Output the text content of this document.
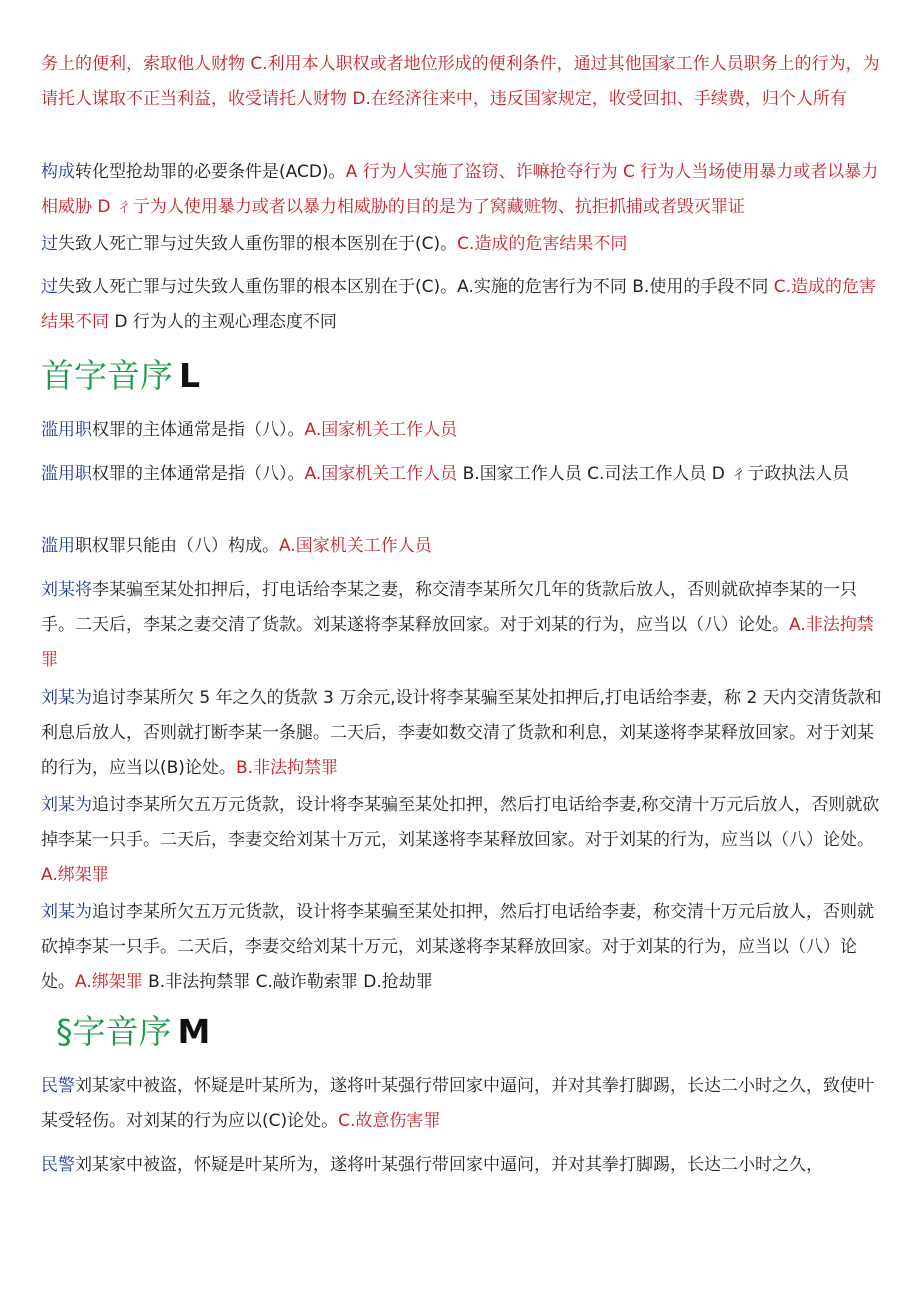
务上的便利，索取他人财物 C.利用本人职权或者地位形成的便利条件，通过其他国家工作人员职务上的行为，为请托人谋取不正当利益，收受请托人财物 D.在经济往来中，违反国家规定，收受回扣、手续费，归个人所有

构成转化型抢劫罪的必要条件是(ACD)。A 行为人实施了盗窃、诈嘛抢夺行为 C 行为人当场使用暴力或者以暴力相威胁 D ㄔ亍为人使用暴力或者以暴力相威胁的目的是为了窝藏赃物、抗拒抓捕或者毁灭罪证

过失致人死亡罪与过失致人重伤罪的根本医别在于(C)。C.造成的危害结果不同

过失致人死亡罪与过失致人重伤罪的根本区别在于(C)。A.实施的危害行为不同 B.使用的手段不同 C.造成的危害结果不同 D 行为人的主观心理态度不同

首字音序 L

滥用职权罪的主体通常是指（八）。A.国家机关工作人员

滥用职权罪的主体通常是指（八）。A.国家机关工作人员 B.国家工作人员 C.司法工作人员 D ㄔ亍政执法人员

滥用职权罪只能由（八）构成。A.国家机关工作人员

刘某将李某骗至某处扣押后，打电话给李某之妻，称交清李某所欠几年的货款后放人，否则就砍掉李某的一只手。二天后，李某之妻交清了货款。刘某遂将李某释放回家。对于刘某的行为，应当以（八）论处。A.非法拘禁罪

刘某为追讨李某所欠 5 年之久的货款 3 万余元,设计将李某骗至某处扣押后,打电话给李妻，称 2 天内交清货款和利息后放人，否则就打断李某一条腿。二天后，李妻如数交清了货款和利息，刘某遂将李某释放回家。对于刘某的行为，应当以(B)论处。B.非法拘禁罪

刘某为追讨李某所欠五万元货款，设计将李某骗至某处扣押，然后打电话给李妻,称交清十万元后放人，否则就砍掉李某一只手。二天后，李妻交给刘某十万元，刘某遂将李某释放回家。对于刘某的行为，应当以（八）论处。A.绑架罪

刘某为追讨李某所欠五万元货款，设计将李某骗至某处扣押，然后打电话给李妻，称交清十万元后放人，否则就砍掉李某一只手。二天后，李妻交给刘某十万元，刘某遂将李某释放回家。对于刘某的行为，应当以（八）论处。A.绑架罪 B.非法拘禁罪 C.敲诈勒索罪 D.抢劫罪

§字音序 M

民警刘某家中被盗，怀疑是叶某所为，遂将叶某强行带回家中逼问，并对其拳打脚踢，长达二小时之久，致使叶某受轻伤。对刘某的行为应以(C)论处。C.故意伤害罪

民警刘某家中被盗，怀疑是叶某所为，遂将叶某强行带回家中逼问，并对其拳打脚踢，长达二小时之久，
